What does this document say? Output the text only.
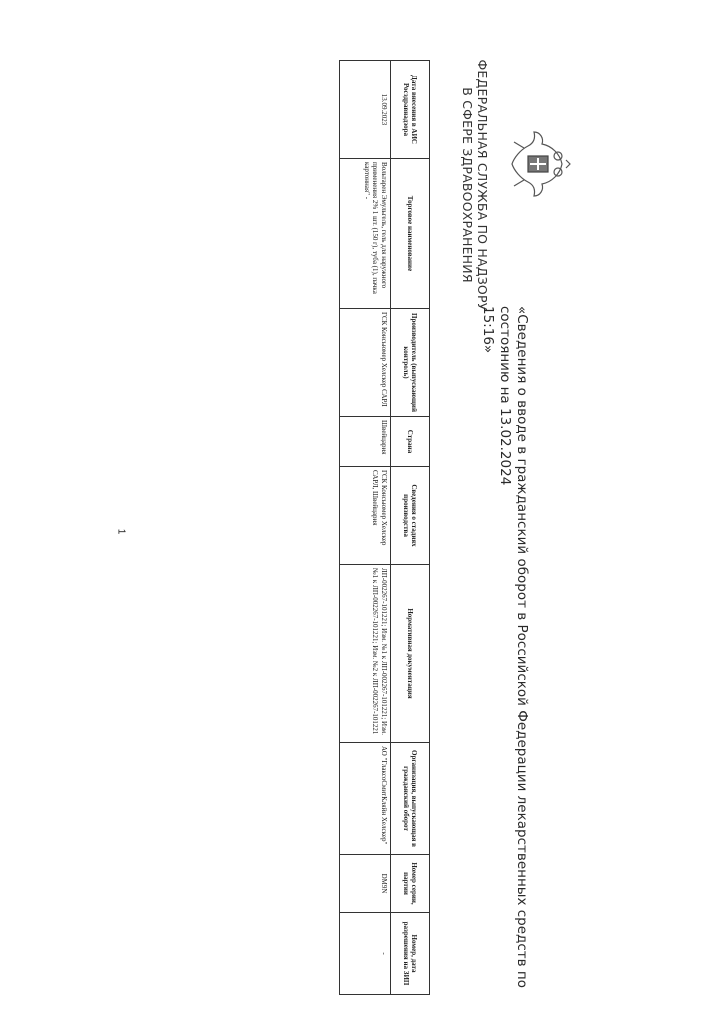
ФЕДЕРАЛЬНАЯ СЛУЖБА ПО НАДЗОРУ
В СФЕРЕ ЗДРАВООХРАНЕНИЯ
«Сведения о вводе в гражданский оборот в Российской Федерации лекарственных средств по состоянию на 13.02.2024
15:16»
Дата внесения в АИС Росздравнадзора	Торговое наименование	Производитель (выпускающий контроль)	Страна	Сведения о стадиях производства	Нормативная документация	Организация, выпускающая в гражданский оборот	Номер серии, партии	Номер, дата разрешения на ЗИП
13.09.2023	Вольтарен Эмульгель, гель для наружного применения 2% 1 шт. (150 г), туба (1), пачка картонная" -	ГСК Консьюмер Хелскер САРЛ	Швейцария	ГСК Консьюмер Хелскер САРЛ, Швейцария	ЛП-002267-101221; Изм. №1 к ЛП-002267-101221; Изм. №1 к ЛП-002267-101221; Изм. №2 к ЛП-002267-101221	АО "ГлаксоСмитКляйн Хелскер"	DM9N	-
1
